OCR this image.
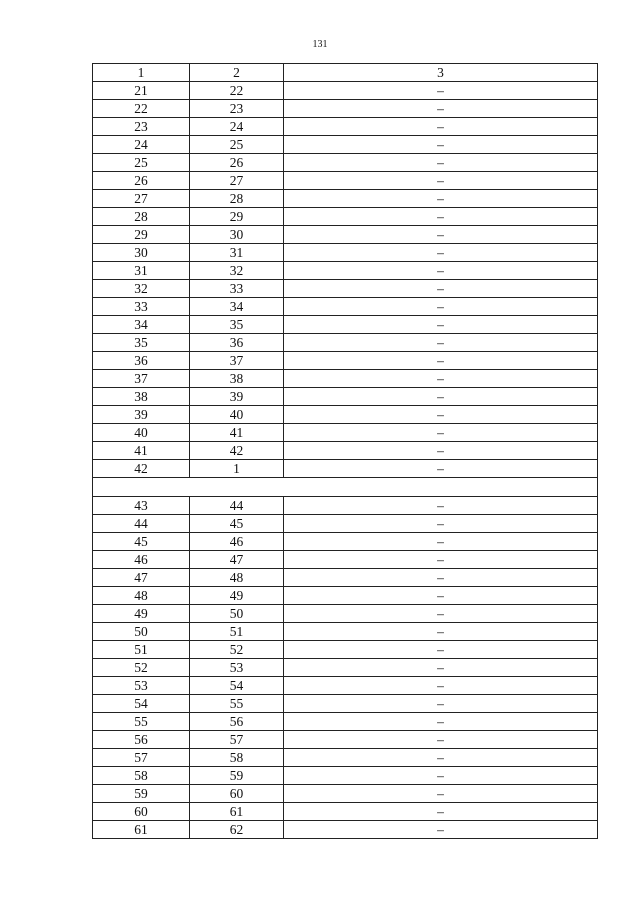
131
1	2	3
21	22	–
22	23	–
23	24	–
24	25	–
25	26	–
26	27	–
27	28	–
28	29	–
29	30	–
30	31	–
31	32	–
32	33	–
33	34	–
34	35	–
35	36	–
36	37	–
37	38	–
38	39	–
39	40	–
40	41	–
41	42	–
42	1	–

43	44	–
44	45	–
45	46	–
46	47	–
47	48	–
48	49	–
49	50	–
50	51	–
51	52	–
52	53	–
53	54	–
54	55	–
55	56	–
56	57	–
57	58	–
58	59	–
59	60	–
60	61	–
61	62	–
